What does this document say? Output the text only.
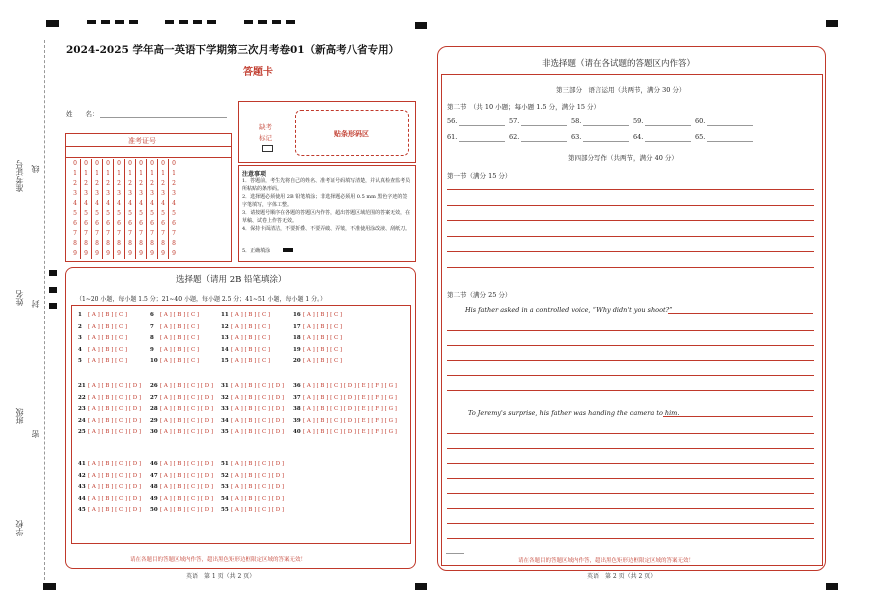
准考证号 线
姓名 封
班级
密
学校
2024-2025 学年高一英语下学期第三次月考卷01（新高考八省专用）
答题卡
姓　　名：
准考证号
0	0	0	0	0	0	0	0	0	0
1	1	1	1	1	1	1	1	1	1
2	2	2	2	2	2	2	2	2	2
3	3	3	3	3	3	3	3	3	3
4	4	4	4	4	4	4	4	4	4
5	5	5	5	5	5	5	5	5	5
6	6	6	6	6	6	6	6	6	6
7	7	7	7	7	7	7	7	7	7
8	8	8	8	8	8	8	8	8	8
9	9	9	9	9	9	9	9	9	9
缺考
标记	贴条形码区
注意事项
1．答题前，考生先将自己的姓名、准考证号码填写清楚，并认真检查监考员所粘贴的条形码。
2．选择题必须使用 2B 铅笔填涂；非选择题必须用 0.5 mm 黑色字迹的签字笔填写，字体工整。
3．请按题号顺序在各题的答题区内作答，超出答题区域范围的答案无效，在草稿、试卷上作答无效。
4．保持卡面清洁，不要折叠、不要弄破、弄皱，不准使用涂改液、刮纸刀。
5．正确填涂
选择题（请用 2B 铅笔填涂）
（1~20 小题，每小题 1.5 分；21~40 小题，每小题 2.5 分；41~51 小题，每小题 1 分。）
1 [ A ] [ B ] [ C ]
2 [ A ] [ B ] [ C ]
3 [ A ] [ B ] [ C ]
4 [ A ] [ B ] [ C ]
5 [ A ] [ B ] [ C ]
6 [ A ] [ B ] [ C ]
7 [ A ] [ B ] [ C ]
8 [ A ] [ B ] [ C ]
9 [ A ] [ B ] [ C ]
10 [ A ] [ B ] [ C ]
11 [ A ] [ B ] [ C ]
12 [ A ] [ B ] [ C ]
13 [ A ] [ B ] [ C ]
14 [ A ] [ B ] [ C ]
15 [ A ] [ B ] [ C ]
16 [ A ] [ B ] [ C ]
17 [ A ] [ B ] [ C ]
18 [ A ] [ B ] [ C ]
19 [ A ] [ B ] [ C ]
20 [ A ] [ B ] [ C ]
21 [ A ] [ B ] [ C ] [ D ]
22 [ A ] [ B ] [ C ] [ D ]
23 [ A ] [ B ] [ C ] [ D ]
24 [ A ] [ B ] [ C ] [ D ]
25 [ A ] [ B ] [ C ] [ D ]
26 [ A ] [ B ] [ C ] [ D ]
27 [ A ] [ B ] [ C ] [ D ]
28 [ A ] [ B ] [ C ] [ D ]
29 [ A ] [ B ] [ C ] [ D ]
30 [ A ] [ B ] [ C ] [ D ]
31 [ A ] [ B ] [ C ] [ D ]
32 [ A ] [ B ] [ C ] [ D ]
33 [ A ] [ B ] [ C ] [ D ]
34 [ A ] [ B ] [ C ] [ D ]
35 [ A ] [ B ] [ C ] [ D ]
36 [ A ] [ B ] [ C ] [ D ] [ E ] [ F ] [ G ]
37 [ A ] [ B ] [ C ] [ D ] [ E ] [ F ] [ G ]
38 [ A ] [ B ] [ C ] [ D ] [ E ] [ F ] [ G ]
39 [ A ] [ B ] [ C ] [ D ] [ E ] [ F ] [ G ]
40 [ A ] [ B ] [ C ] [ D ] [ E ] [ F ] [ G ]
41 [ A ] [ B ] [ C ] [ D ]
42 [ A ] [ B ] [ C ] [ D ]
43 [ A ] [ B ] [ C ] [ D ]
44 [ A ] [ B ] [ C ] [ D ]
45 [ A ] [ B ] [ C ] [ D ]
46 [ A ] [ B ] [ C ] [ D ]
47 [ A ] [ B ] [ C ] [ D ]
48 [ A ] [ B ] [ C ] [ D ]
49 [ A ] [ B ] [ C ] [ D ]
50 [ A ] [ B ] [ C ] [ D ]
51 [ A ] [ B ] [ C ] [ D ]
52 [ A ] [ B ] [ C ] [ D ]
53 [ A ] [ B ] [ C ] [ D ]
54 [ A ] [ B ] [ C ] [ D ]
55 [ A ] [ B ] [ C ] [ D ]
请在各题目的答题区域内作答，超出黑色矩形边框限定区域的答案无效！
英语　第 1 页（共 2 页）
非选择题（请在各试题的答题区内作答）
第三部分　语言运用（共两节，满分 30 分）
第二节　（共 10 小题；每小题 1.5 分，满分 15 分）
56.	57.	58.	59.	60.
61.	62.	63.	64.	65.
第四部分写作（共两节，满分 40 分）
第一节（满分 15 分）
第二节（满分 25 分）
His father asked in a controlled voice, “Why didn't you shoot?”
To Jeremy's surprise, his father was handing the camera to him.
请在各题目的答题区域内作答，超出黑色矩形边框限定区域的答案无效！
英语　第 2 页（共 2 页）
